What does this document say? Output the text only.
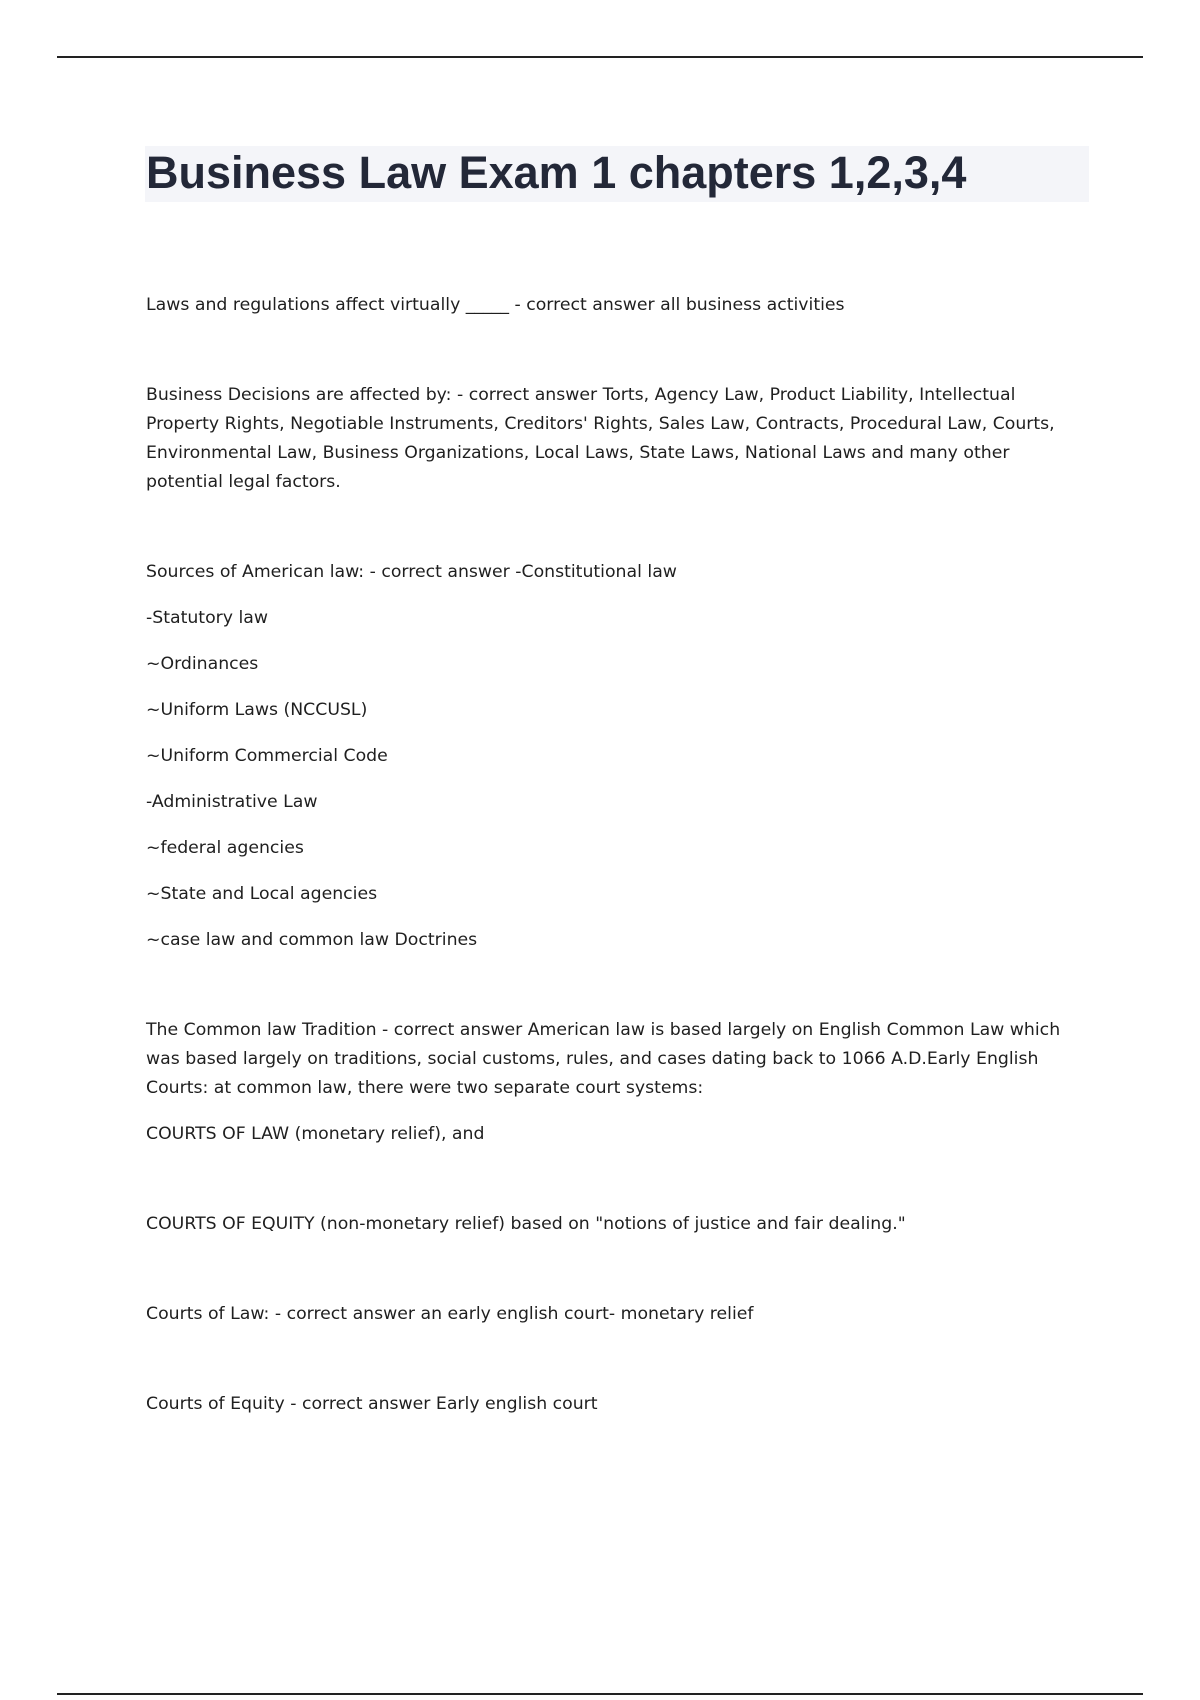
Business Law Exam 1 chapters 1,2,3,4

Laws and regulations affect virtually _____ - correct answer all business activities

Business Decisions are affected by: - correct answer Torts, Agency Law, Product Liability, Intellectual Property Rights, Negotiable Instruments, Creditors' Rights, Sales Law, Contracts, Procedural Law, Courts, Environmental Law, Business Organizations, Local Laws, State Laws, National Laws and many other potential legal factors.

Sources of American law: - correct answer -Constitutional law

-Statutory law

~Ordinances

~Uniform Laws (NCCUSL)

~Uniform Commercial Code

-Administrative Law

~federal agencies

~State and Local agencies

~case law and common law Doctrines

The Common law Tradition - correct answer American law is based largely on English Common Law which was based largely on traditions, social customs, rules, and cases dating back to 1066 A.D.Early English Courts: at common law, there were two separate court systems:

COURTS OF LAW (monetary relief), and

COURTS OF EQUITY (non-monetary relief) based on "notions of justice and fair dealing."

Courts of Law: - correct answer an early english court- monetary relief

Courts of Equity - correct answer Early english court
